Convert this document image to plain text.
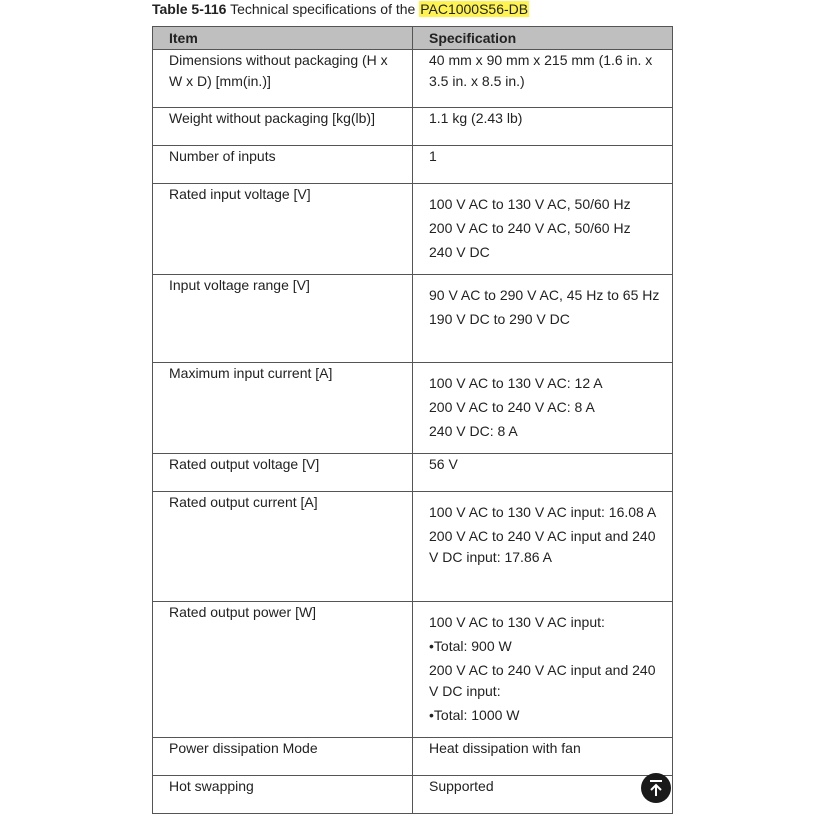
Table 5-116 Technical specifications of the PAC1000S56-DB
Item	Specification
Dimensions without packaging (H x W x D) [mm(in.)]	40 mm x 90 mm x 215 mm (1.6 in. x 3.5 in. x 8.5 in.)

Weight without packaging [kg(lb)]	1.1 kg (2.43 lb)

Number of inputs	1

Rated input voltage [V]	100 V AC to 130 V AC, 50/60 Hz
200 V AC to 240 V AC, 50/60 Hz
240 V DC

Input voltage range [V]	90 V AC to 290 V AC, 45 Hz to 65 Hz
190 V DC to 290 V DC

Maximum input current [A]	100 V AC to 130 V AC: 12 A
200 V AC to 240 V AC: 8 A
240 V DC: 8 A

Rated output voltage [V]	56 V

Rated output current [A]	100 V AC to 130 V AC input: 16.08 A
200 V AC to 240 V AC input and 240 V DC input: 17.86 A

Rated output power [W]	100 V AC to 130 V AC input:
•Total: 900 W
200 V AC to 240 V AC input and 240 V DC input:
•Total: 1000 W

Power dissipation Mode	Heat dissipation with fan

Hot swapping	Supported
